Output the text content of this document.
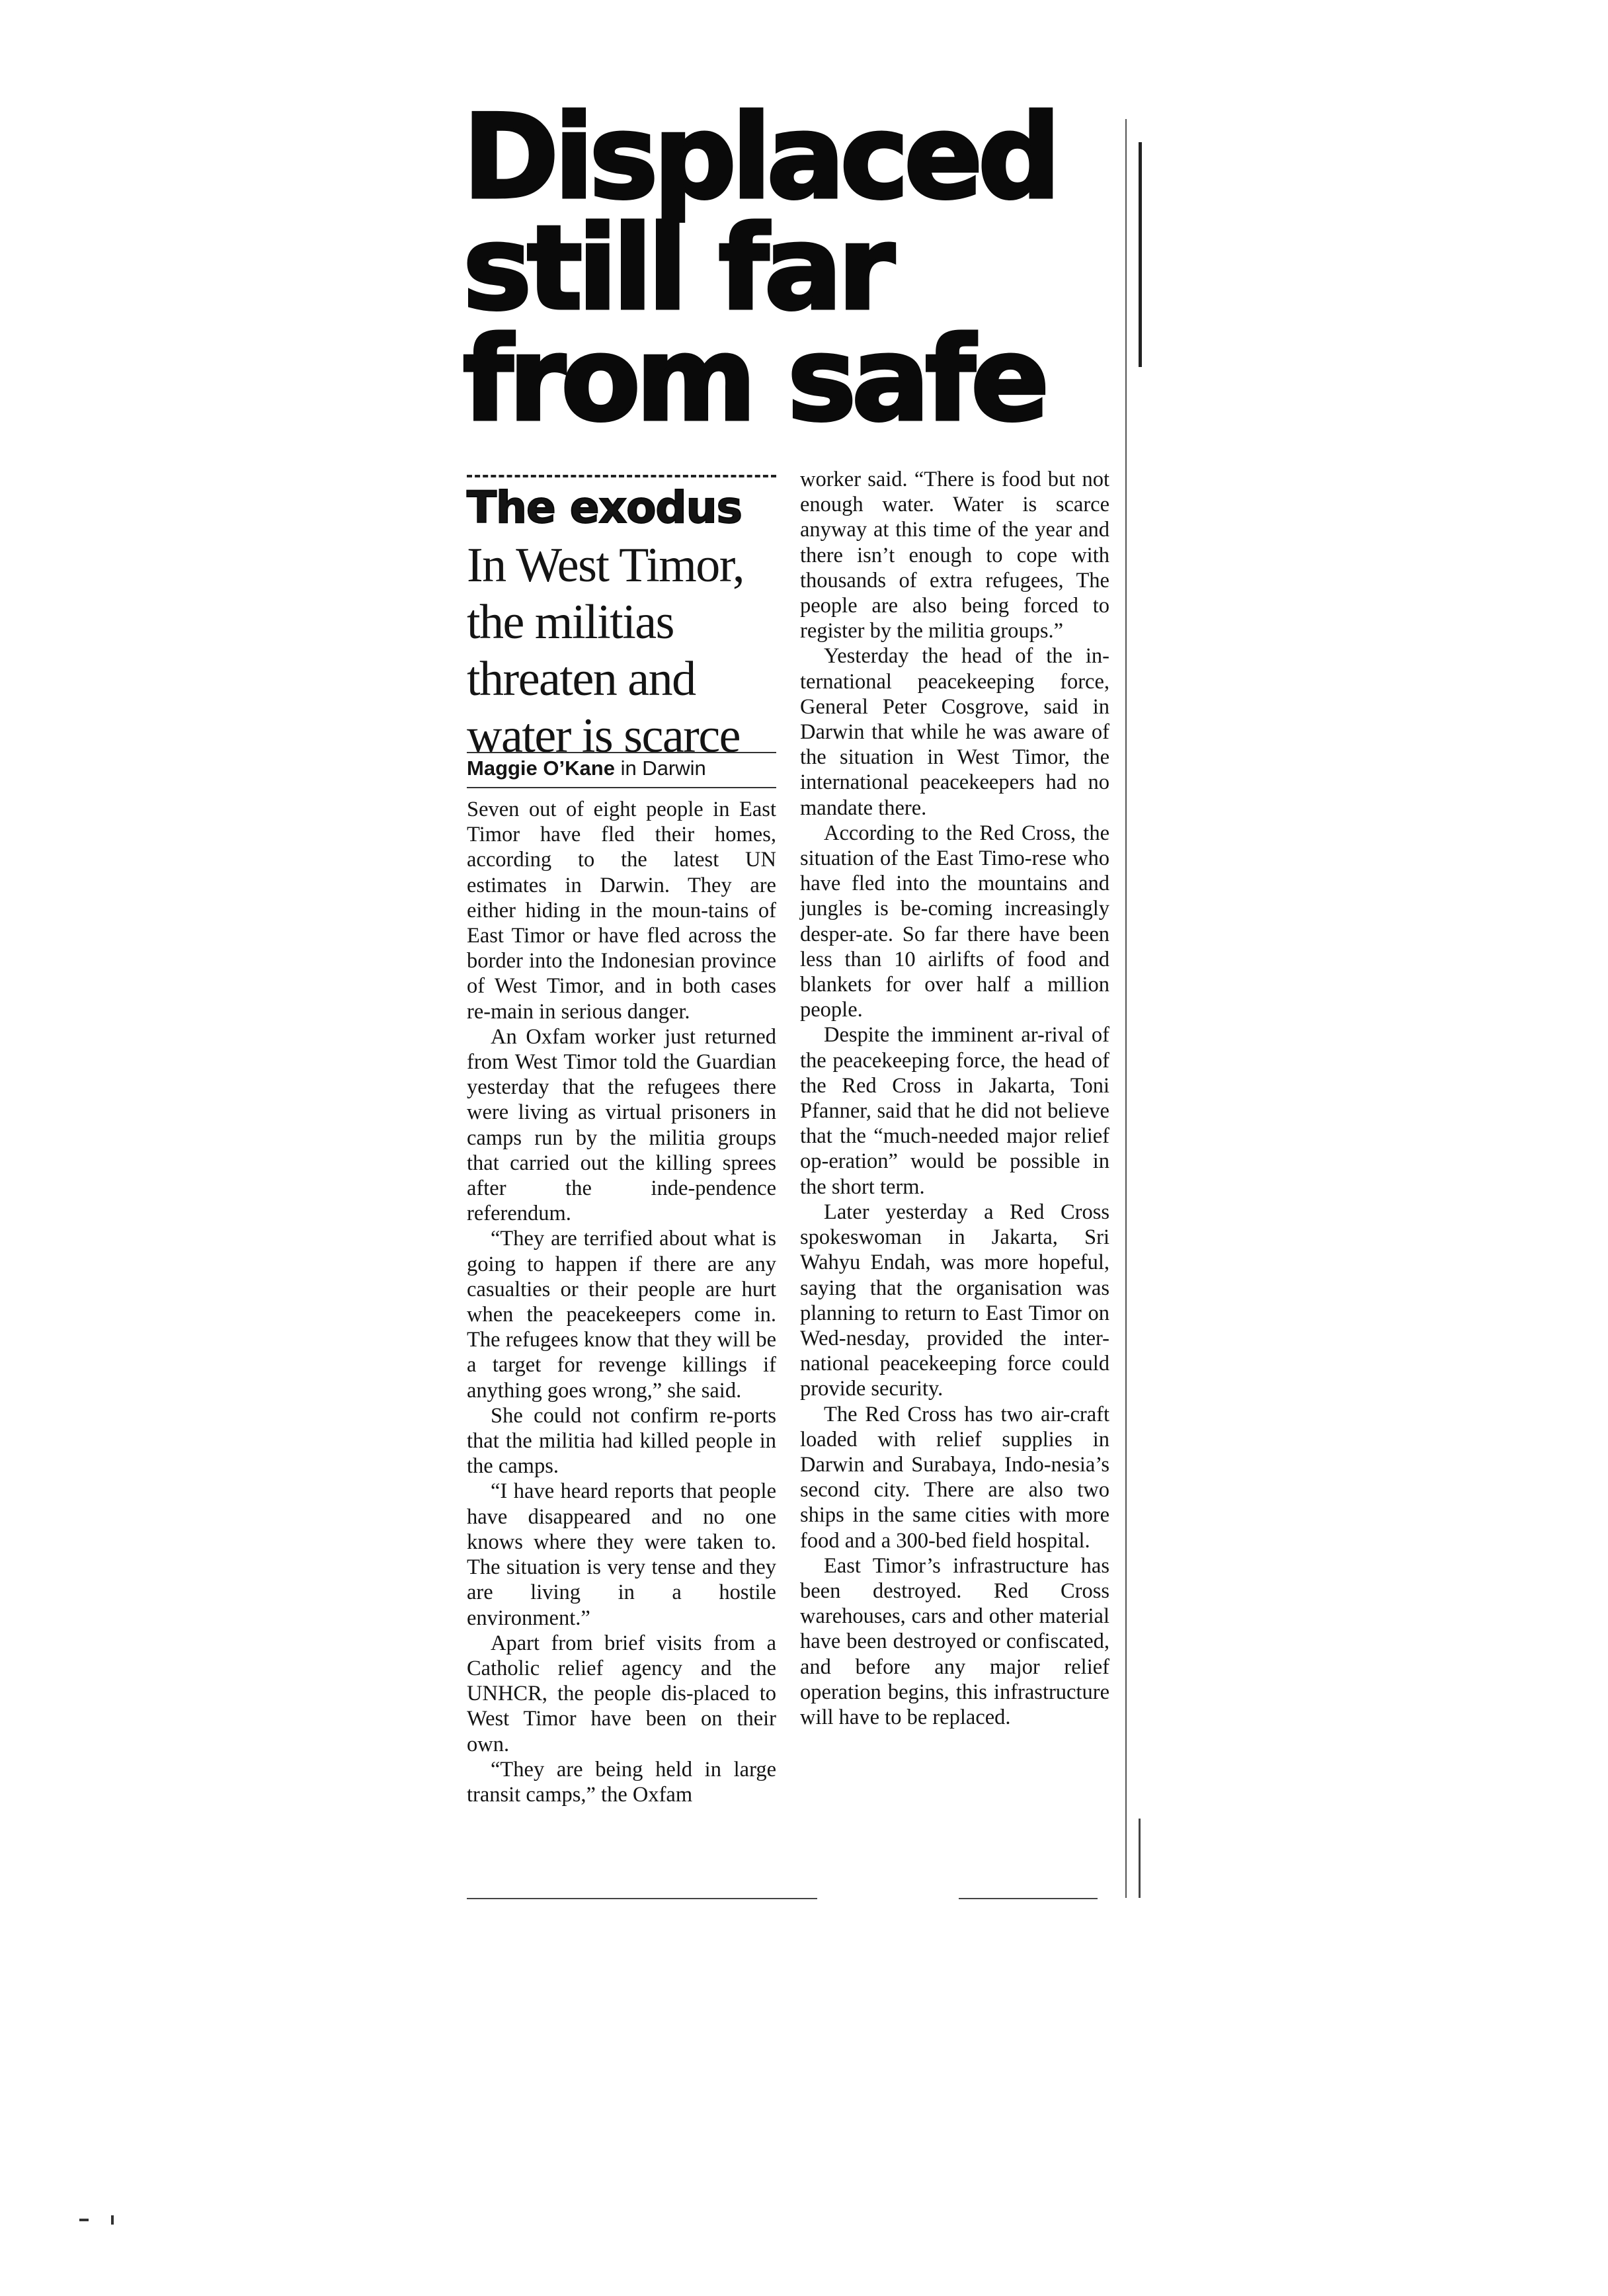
Displaced
still far
from safe
The exodus
In West Timor,
the militias
threaten and
water is scarce
Maggie O’Kane in Darwin

Seven out of eight people in East Timor have fled their homes, according to the latest UN estimates in Darwin. They are either hiding in the moun-tains of East Timor or have fled across the border into the Indonesian province of West Timor, and in both cases re-main in serious danger.

An Oxfam worker just returned from West Timor told the Guardian yesterday that the refugees there were living as virtual prisoners in camps run by the militia groups that carried out the killing sprees after the inde-pendence referendum.

“They are terrified about what is going to happen if there are any casualties or their people are hurt when the peacekeepers come in. The refugees know that they will be a target for revenge killings if anything goes wrong,” she said.

She could not confirm re-ports that the militia had killed people in the camps.

“I have heard reports that people have disappeared and no one knows where they were taken to. The situation is very tense and they are living in a hostile environment.”

Apart from brief visits from a Catholic relief agency and the UNHCR, the people dis-placed to West Timor have been on their own.

“They are being held in large transit camps,” the Oxfam

worker said. “There is food but not enough water. Water is scarce anyway at this time of the year and there isn’t enough to cope with thousands of extra refugees, The people are also being forced to register by the militia groups.”

Yesterday the head of the in-ternational peacekeeping force, General Peter Cosgrove, said in Darwin that while he was aware of the situation in West Timor, the international peacekeepers had no mandate there.

According to the Red Cross, the situation of the East Timo-rese who have fled into the mountains and jungles is be-coming increasingly desper-ate. So far there have been less than 10 airlifts of food and blankets for over half a million people.

Despite the imminent ar-rival of the peacekeeping force, the head of the Red Cross in Jakarta, Toni Pfanner, said that he did not believe that the “much-needed major relief op-eration” would be possible in the short term.

Later yesterday a Red Cross spokeswoman in Jakarta, Sri Wahyu Endah, was more hopeful, saying that the organisation was planning to return to East Timor on Wed-nesday, provided the inter-national peacekeeping force could provide security.

The Red Cross has two air-craft loaded with relief supplies in Darwin and Surabaya, Indo-nesia’s second city. There are also two ships in the same cities with more food and a 300-bed field hospital.

East Timor’s infrastructure has been destroyed. Red Cross warehouses, cars and other material have been destroyed or confiscated, and before any major relief operation begins, this infrastructure will have to be replaced.
